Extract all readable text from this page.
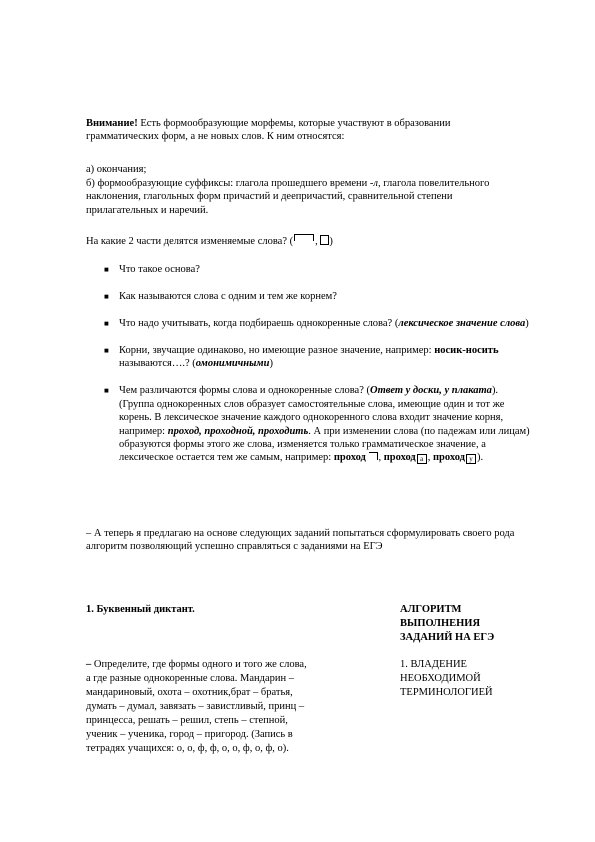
Внимание! Есть формообразующие морфемы, которые участвуют в образовании грамматических форм, а не новых слов. К ним относятся:

а) окончания;

б) формообразующие суффиксы: глагола прошедшего времени -л, глагола повелительного наклонения, глагольных форм причастий и деепричастий, сравнительной степени прилагательных и наречий.

На какие 2 части делятся изменяемые слова? ( , )

■ Что такое основа?
■ Как называются слова с одним и тем же корнем?
■ Что надо учитывать, когда подбираешь однокоренные слова? (лексическое значение слова)
■ Корни, звучащие одинаково, но имеющие разное значение, например: носик-носить называются….? (омонимичными)
■ Чем различаются формы слова и однокоренные слова? (Ответ у доски, у плаката). (Группа однокоренных слов образует самостоятельные слова, имеющие один и тот же корень. В лексическое значение каждого однокоренного слова входит значение корня, например: проход, проходной, проходить. А при изменении слова (по падежам или лицам) образуются формы этого же слова, изменяется только грамматическое значение, а лексическое остается тем же самым, например: проход , проход а , проход у ).

– А теперь я предлагаю на основе следующих заданий попытаться сформулировать своего рода алгоритм позволяющий успешно справляться с заданиями на ЕГЭ

1. Буквенный диктант.

– Определите, где формы одного и того же слова, а где разные однокоренные слова. Мандарин – мандариновый, охота – охотник,брат – братья, думать – думал, завязать – завистливый, принц – принцесса, решать – решил, степь – степной, ученик – ученика, город – пригород. (Запись в тетрадях учащихся: о, о, ф, ф, о, о, ф, о, ф, о).

АЛГОРИТМ ВЫПОЛНЕНИЯ ЗАДАНИЙ НА ЕГЭ

1. ВЛАДЕНИЕ НЕОБХОДИМОЙ ТЕРМИНОЛОГИЕЙ
